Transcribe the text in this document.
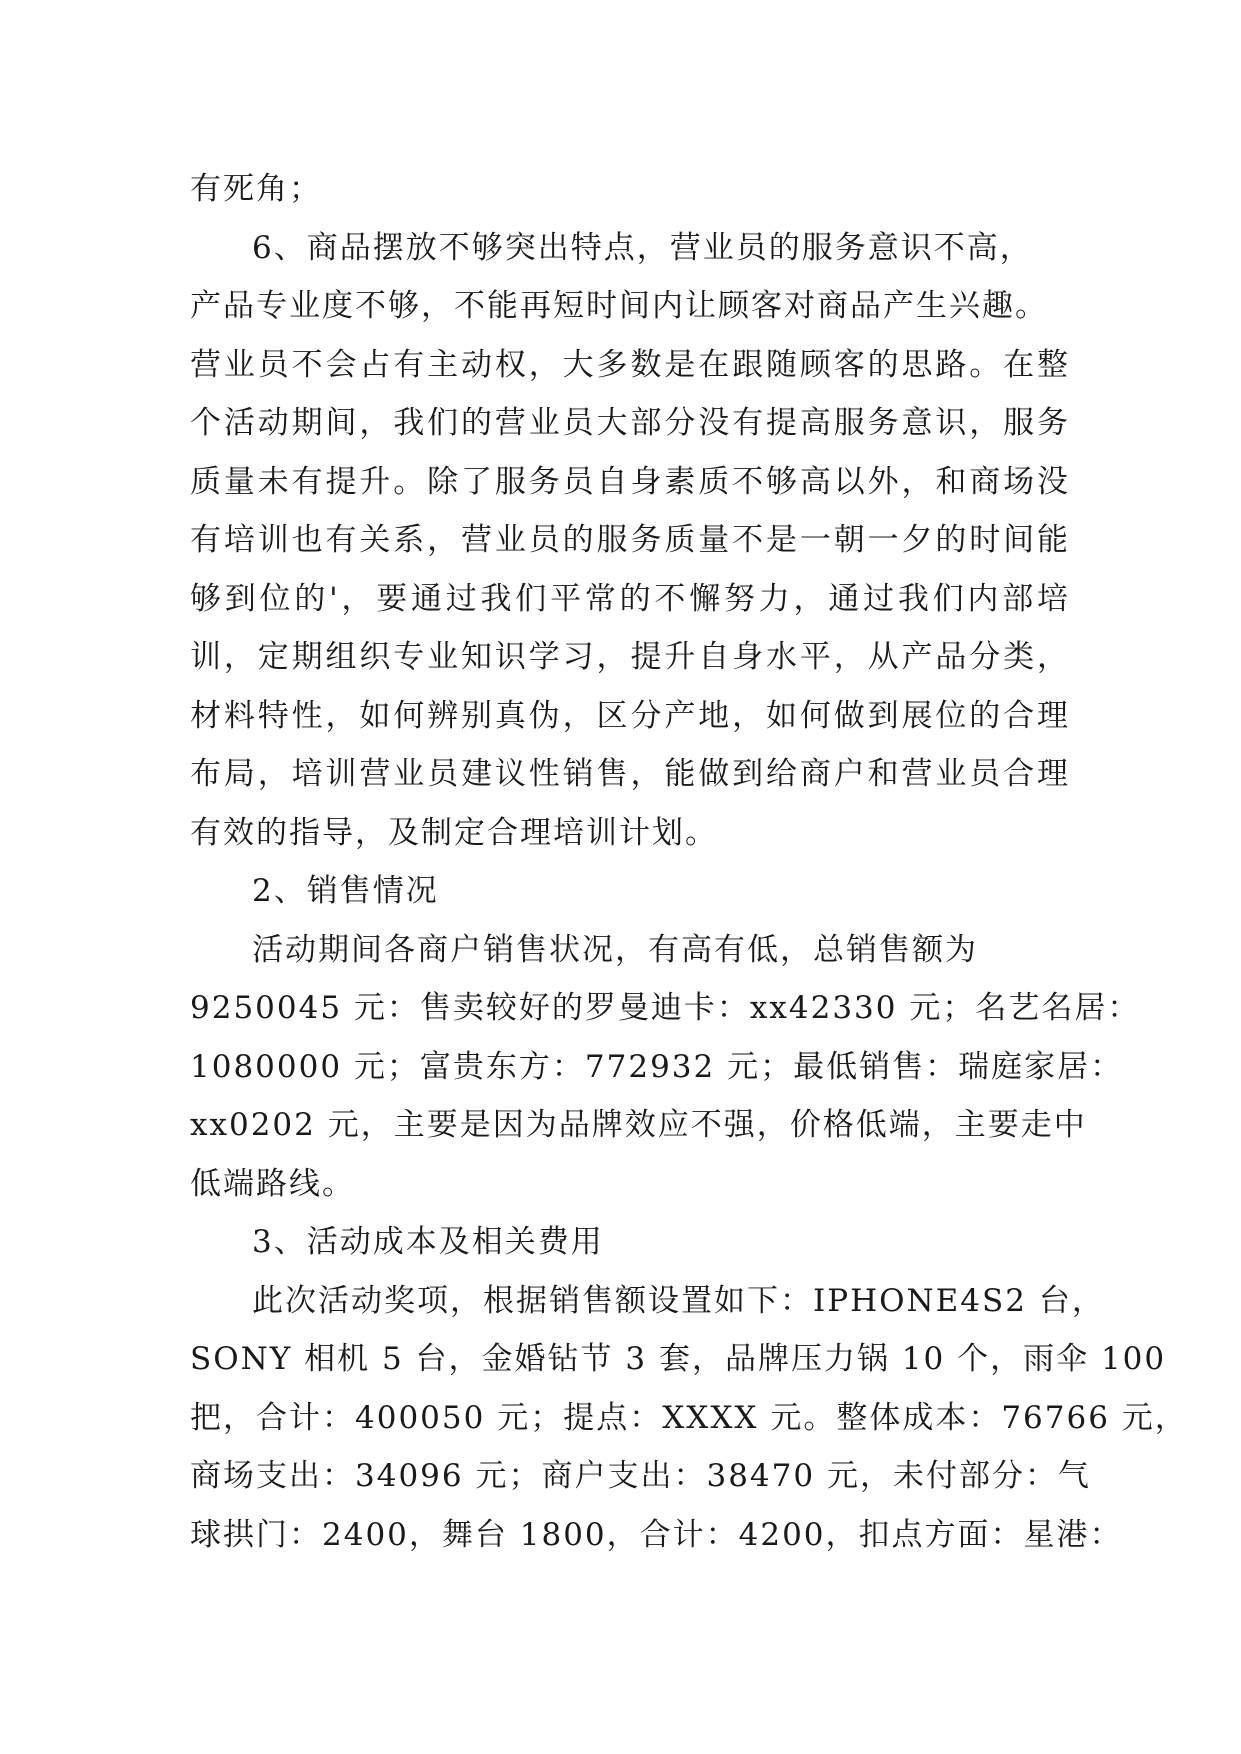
有死角；
6、商品摆放不够突出特点，营业员的服务意识不高，
产品专业度不够，不能再短时间内让顾客对商品产生兴趣。
营业员不会占有主动权，大多数是在跟随顾客的思路。在整
个活动期间，我们的营业员大部分没有提高服务意识，服务
质量未有提升。除了服务员自身素质不够高以外，和商场没
有培训也有关系，营业员的服务质量不是一朝一夕的时间能
够到位的'，要通过我们平常的不懈努力，通过我们内部培
训，定期组织专业知识学习，提升自身水平，从产品分类，
材料特性，如何辨别真伪，区分产地，如何做到展位的合理
布局，培训营业员建议性销售，能做到给商户和营业员合理
有效的指导，及制定合理培训计划。
2、销售情况
活动期间各商户销售状况，有高有低，总销售额为
9250045 元：售卖较好的罗曼迪卡：xx42330 元；名艺名居：
1080000 元；富贵东方：772932 元；最低销售：瑞庭家居：
xx0202 元，主要是因为品牌效应不强，价格低端，主要走中
低端路线。
3、活动成本及相关费用
此次活动奖项，根据销售额设置如下：IPHONE4S2 台，
SONY 相机 5 台，金婚钻节 3 套，品牌压力锅 10 个，雨伞 100
把，合计：400050 元；提点：XXXX 元。整体成本：76766 元，
商场支出：34096 元；商户支出：38470 元，未付部分：气
球拱门：2400，舞台 1800，合计：4200，扣点方面：星港：
